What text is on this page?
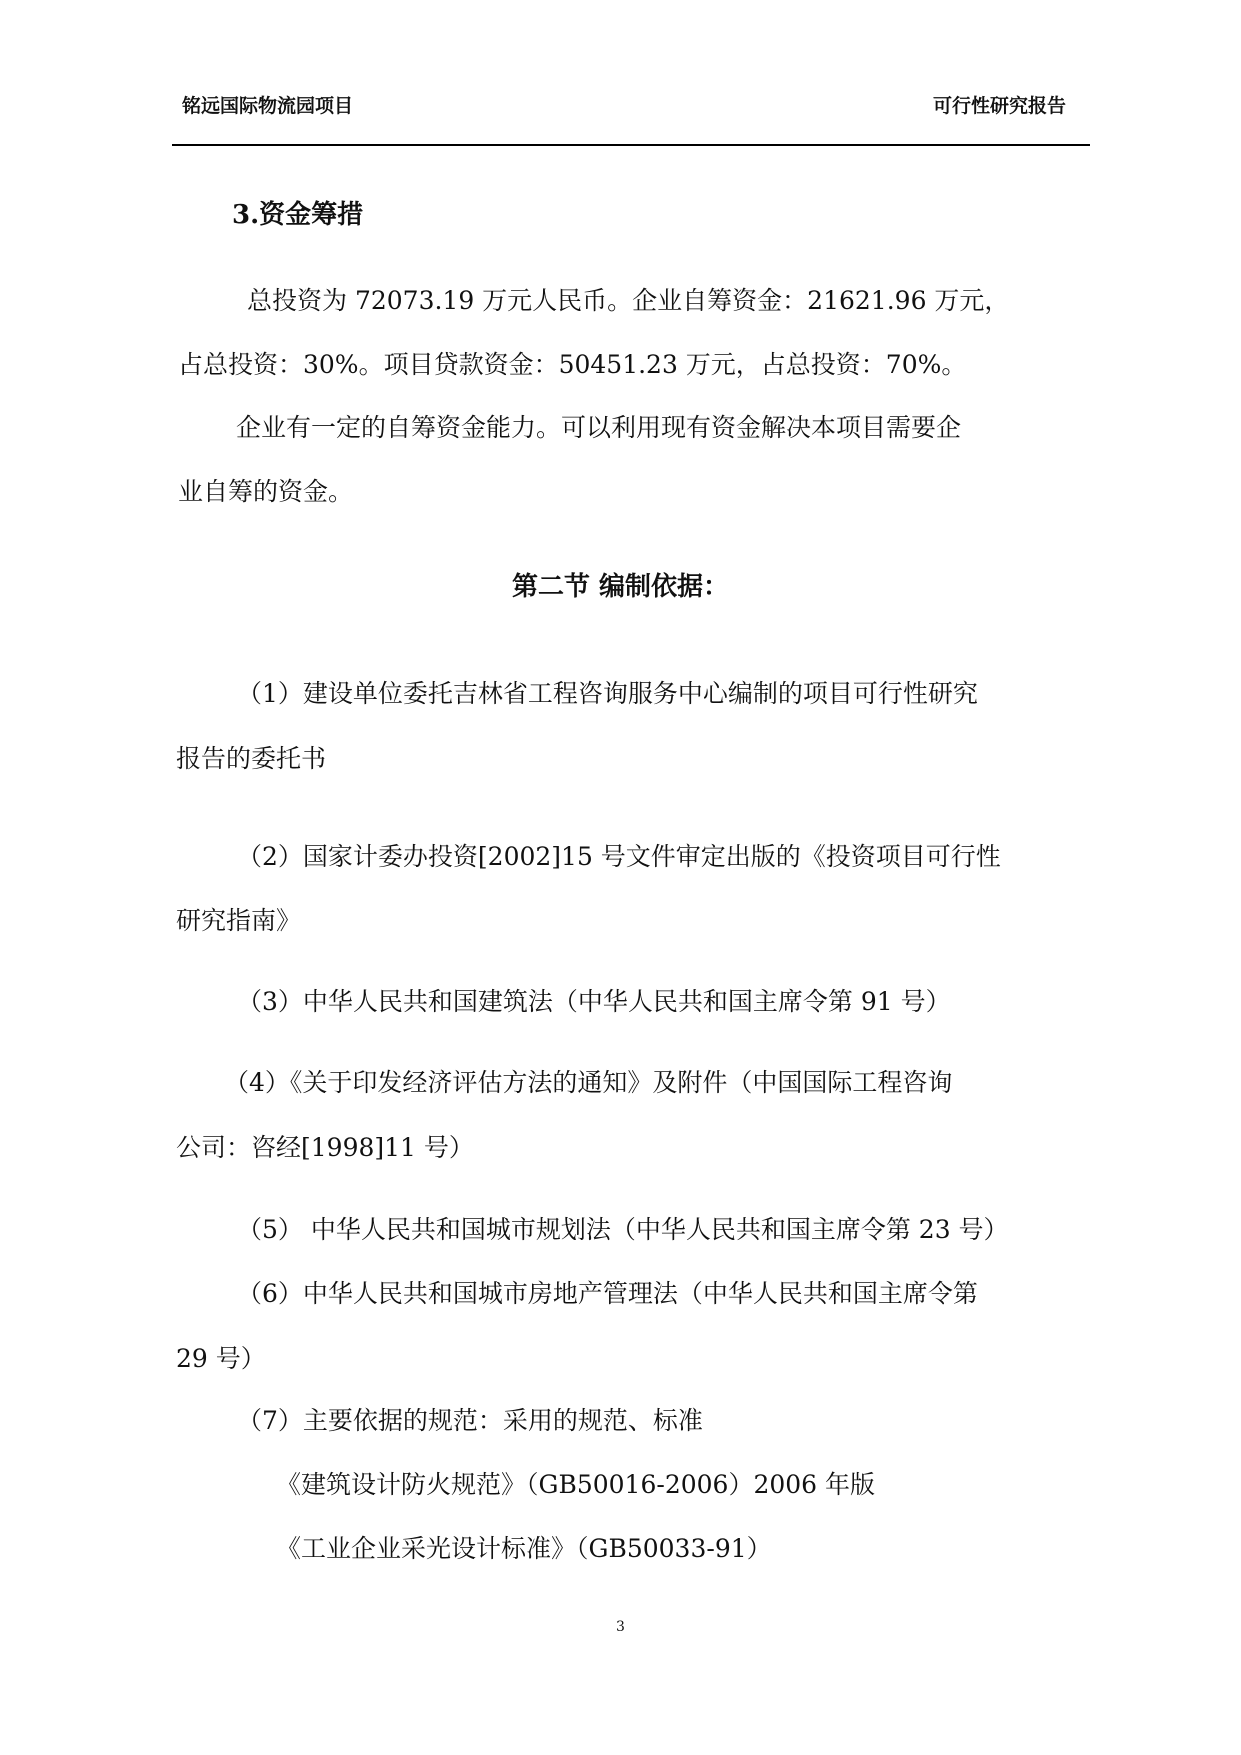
铭远国际物流园项目	可行性研究报告
3.资金筹措
总投资为 72073.19 万元人民币。企业自筹资金：21621.96 万元，
占总投资：30%。项目贷款资金：50451.23 万元，占总投资：70%。
企业有一定的自筹资金能力。可以利用现有资金解决本项目需要企
业自筹的资金。
第二节 编制依据：
（1）建设单位委托吉林省工程咨询服务中心编制的项目可行性研究
报告的委托书
（2）国家计委办投资[2002]15 号文件审定出版的《投资项目可行性
研究指南》
（3）中华人民共和国建筑法（中华人民共和国主席令第 91 号）
（4）《关于印发经济评估方法的通知》及附件（中国国际工程咨询
公司：咨经[1998]11 号）
（5） 中华人民共和国城市规划法（中华人民共和国主席令第 23 号）
（6）中华人民共和国城市房地产管理法（中华人民共和国主席令第
29 号）
（7）主要依据的规范：采用的规范、标准
《建筑设计防火规范》（GB50016-2006）2006 年版
《工业企业采光设计标准》（GB50033-91）
3
